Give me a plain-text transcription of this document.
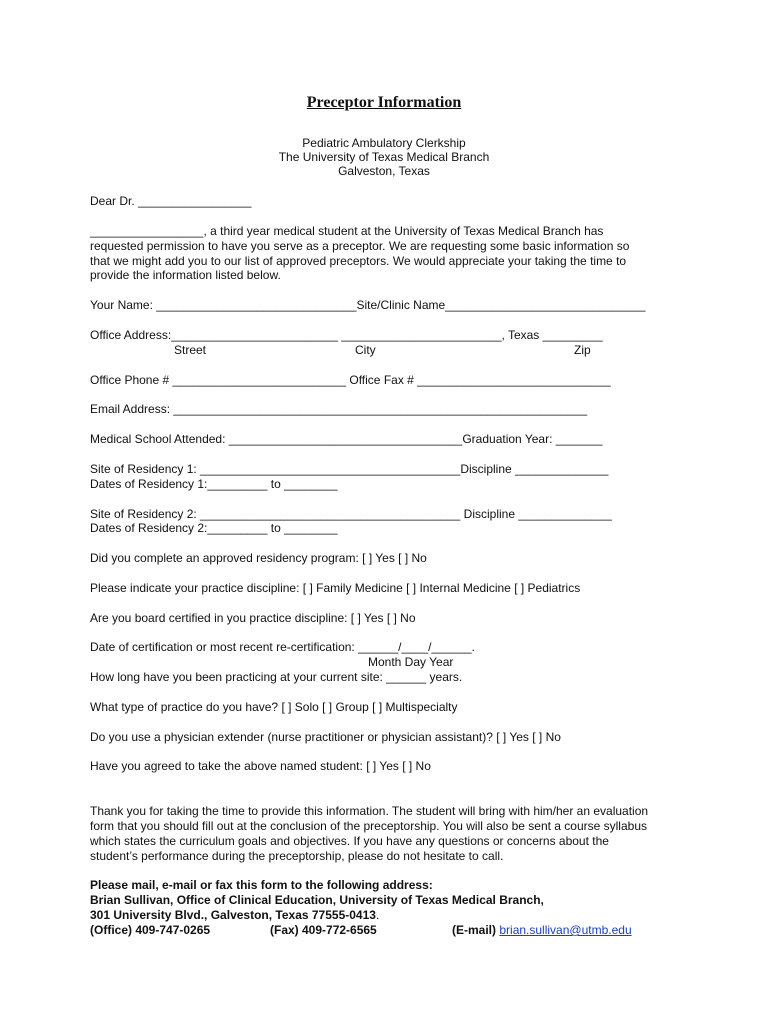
Preceptor Information
Pediatric Ambulatory Clerkship
The University of Texas Medical Branch
Galveston, Texas
Dear Dr. _________________
_________________, a third year medical student at the University of Texas Medical Branch has
requested permission to have you serve as a preceptor. We are requesting some basic information so
that we might add you to our list of approved preceptors. We would appreciate your taking the time to
provide the information listed below.
Your Name: ______________________________Site/Clinic Name______________________________
Office Address:_________________________ ________________________, Texas _________
Street	City	Zip
Office Phone # __________________________ Office Fax # _____________________________
Email Address: ______________________________________________________________
Medical School Attended: ___________________________________Graduation Year: _______
Site of Residency 1: _______________________________________Discipline ______________
Dates of Residency 1:_________ to ________
Site of Residency 2: _______________________________________ Discipline ______________
Dates of Residency 2:_________ to ________
Did you complete an approved residency program: [ ] Yes [ ] No
Please indicate your practice discipline: [ ] Family Medicine [ ] Internal Medicine [ ] Pediatrics
Are you board certified in you practice discipline: [ ] Yes [ ] No
Date of certification or most recent re-certification: ______/____/______.
Month Day Year
How long have you been practicing at your current site: ______ years.
What type of practice do you have? [ ] Solo [ ] Group [ ] Multispecialty
Do you use a physician extender (nurse practitioner or physician assistant)? [ ] Yes [ ] No
Have you agreed to take the above named student: [ ] Yes [ ] No
Thank you for taking the time to provide this information. The student will bring with him/her an evaluation
form that you should fill out at the conclusion of the preceptorship. You will also be sent a course syllabus
which states the curriculum goals and objectives. If you have any questions or concerns about the
student’s performance during the preceptorship, please do not hesitate to call.
Please mail, e-mail or fax this form to the following address:
Brian Sullivan, Office of Clinical Education, University of Texas Medical Branch,
301 University Blvd., Galveston, Texas 77555-0413.
(Office) 409-747-0265	(Fax) 409-772-6565	(E-mail) brian.sullivan@utmb.edu
